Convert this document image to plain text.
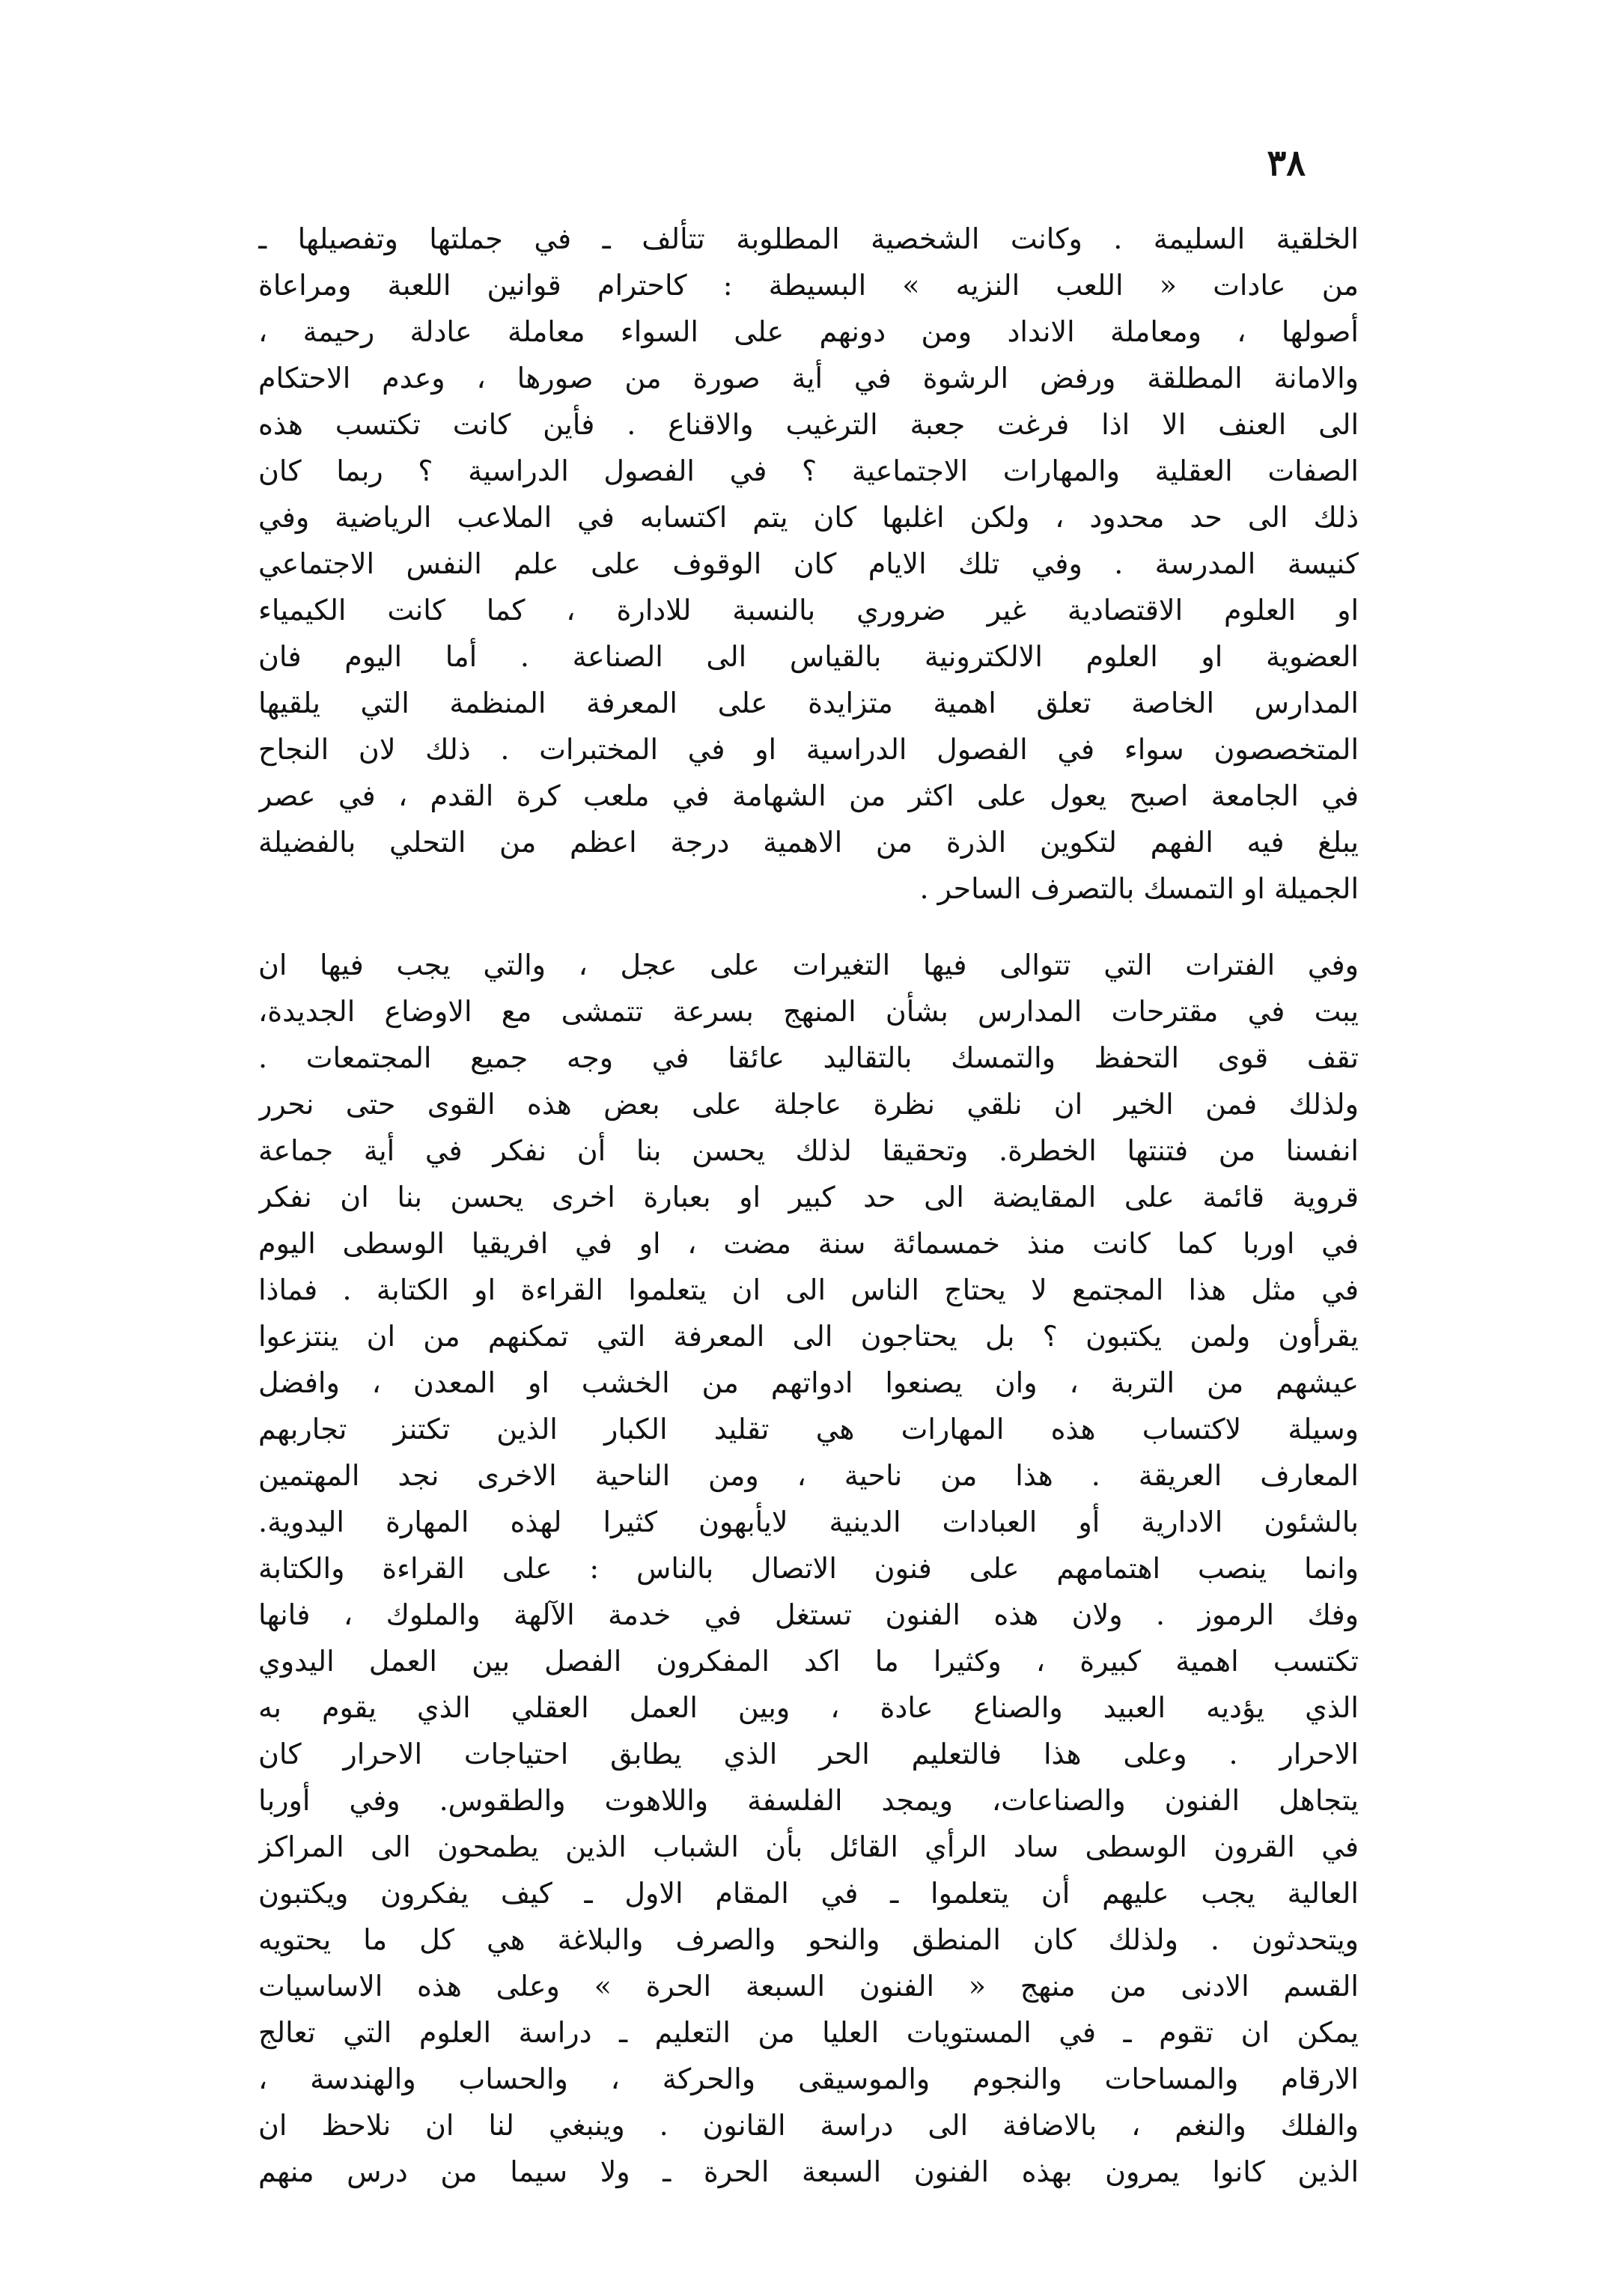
٣٨
الخلقية السليمة . وكانت الشخصية المطلوبة تتألف ـ في جملتها وتفصيلها ـ
من عادات « اللعب النزيه » البسيطة : كاحترام قوانين اللعبة ومراعاة
أصولها ، ومعاملة الانداد ومن دونهم على السواء معاملة عادلة رحيمة ،
والامانة المطلقة ورفض الرشوة في أية صورة من صورها ، وعدم الاحتكام
الى العنف الا اذا فرغت جعبة الترغيب والاقناع . فأين كانت تكتسب هذه
الصفات العقلية والمهارات الاجتماعية ؟ في الفصول الدراسية ؟ ربما كان
ذلك الى حد محدود ، ولكن اغلبها كان يتم اكتسابه في الملاعب الرياضية وفي
كنيسة المدرسة . وفي تلك الايام كان الوقوف على علم النفس الاجتماعي
او العلوم الاقتصادية غير ضروري بالنسبة للادارة ، كما كانت الكيمياء
العضوية او العلوم الالكترونية بالقياس الى الصناعة . أما اليوم فان
المدارس الخاصة تعلق اهمية متزايدة على المعرفة المنظمة التي يلقيها
المتخصصون سواء في الفصول الدراسية او في المختبرات . ذلك لان النجاح
في الجامعة اصبح يعول على اكثر من الشهامة في ملعب كرة القدم ، في عصر
يبلغ فيه الفهم لتكوين الذرة من الاهمية درجة اعظم من التحلي بالفضيلة
الجميلة او التمسك بالتصرف الساحر .
وفي الفترات التي تتوالى فيها التغيرات على عجل ، والتي يجب فيها ان
يبت في مقترحات المدارس بشأن المنهج بسرعة تتمشى مع الاوضاع الجديدة،
تقف قوى التحفظ والتمسك بالتقاليد عائقا في وجه جميع المجتمعات .
ولذلك فمن الخير ان نلقي نظرة عاجلة على بعض هذه القوى حتى نحرر
انفسنا من فتنتها الخطرة. وتحقيقا لذلك يحسن بنا أن نفكر في أية جماعة
قروية قائمة على المقايضة الى حد كبير او بعبارة اخرى يحسن بنا ان نفكر
في اوربا كما كانت منذ خمسمائة سنة مضت ، او في افريقيا الوسطى اليوم
في مثل هذا المجتمع لا يحتاج الناس الى ان يتعلموا القراءة او الكتابة . فماذا
يقرأون ولمن يكتبون ؟ بل يحتاجون الى المعرفة التي تمكنهم من ان ينتزعوا
عيشهم من التربة ، وان يصنعوا ادواتهم من الخشب او المعدن ، وافضل
وسيلة لاكتساب هذه المهارات هي تقليد الكبار الذين تكتنز تجاربهم
المعارف العريقة . هذا من ناحية ، ومن الناحية الاخرى نجد المهتمين
بالشئون الادارية أو العبادات الدينية لايأبهون كثيرا لهذه المهارة اليدوية.
وانما ينصب اهتمامهم على فنون الاتصال بالناس : على القراءة والكتابة
وفك الرموز . ولان هذه الفنون تستغل في خدمة الآلهة والملوك ، فانها
تكتسب اهمية كبيرة ، وكثيرا ما اكد المفكرون الفصل بين العمل اليدوي
الذي يؤديه العبيد والصناع عادة ، وبين العمل العقلي الذي يقوم به
الاحرار . وعلى هذا فالتعليم الحر الذي يطابق احتياجات الاحرار كان
يتجاهل الفنون والصناعات، ويمجد الفلسفة واللاهوت والطقوس. وفي أوربا
في القرون الوسطى ساد الرأي القائل بأن الشباب الذين يطمحون الى المراكز
العالية يجب عليهم أن يتعلموا ـ في المقام الاول ـ كيف يفكرون ويكتبون
ويتحدثون . ولذلك كان المنطق والنحو والصرف والبلاغة هي كل ما يحتويه
القسم الادنى من منهج « الفنون السبعة الحرة » وعلى هذه الاساسيات
يمكن ان تقوم ـ في المستويات العليا من التعليم ـ دراسة العلوم التي تعالج
الارقام والمساحات والنجوم والموسيقى والحركة ، والحساب والهندسة ،
والفلك والنغم ، بالاضافة الى دراسة القانون . وينبغي لنا ان نلاحظ ان
الذين كانوا يمرون بهذه الفنون السبعة الحرة ـ ولا سيما من درس منهم
